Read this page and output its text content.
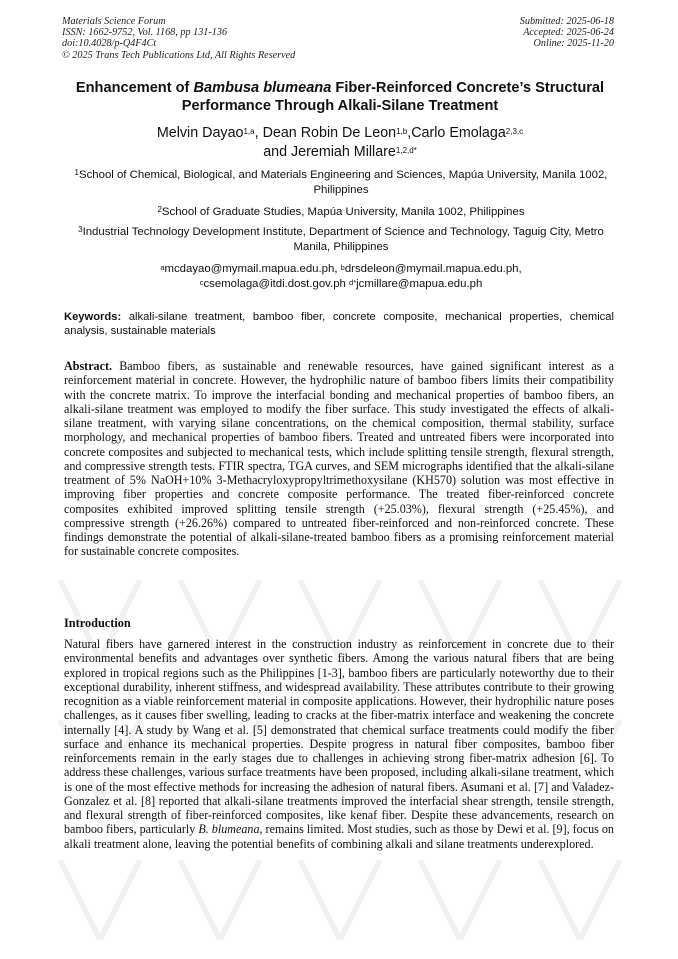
Materials Science Forum
ISSN: 1662-9752, Vol. 1168, pp 131-136
doi:10.4028/p-Q4F4Ct
© 2025 Trans Tech Publications Ltd, All Rights Reserved
Submitted: 2025-06-18
Accepted: 2025-06-24
Online: 2025-11-20
Enhancement of Bambusa blumeana Fiber-Reinforced Concrete’s Structural Performance Through Alkali-Silane Treatment
Melvin Dayao$^{1,a}$, Dean Robin De Leon$^{1,b}$,Carlo Emolaga$^{2,3,c}$
and Jeremiah Millare$^{1,2,d*}$
$^1$School of Chemical, Biological, and Materials Engineering and Sciences, Mapúa University, Manila 1002, Philippines
$^2$School of Graduate Studies, Mapúa University, Manila 1002, Philippines
$^3$Industrial Technology Development Institute, Department of Science and Technology, Taguig City, Metro Manila, Philippines
$^a$mcdayao@mymail.mapua.edu.ph, $^b$drsdeleon@mymail.mapua.edu.ph,
$^c$csemolaga@itdi.dost.gov.ph $^{d*}$jcmillare@mapua.edu.ph
Keywords: alkali-silane treatment, bamboo fiber, concrete composite, mechanical properties, chemical analysis, sustainable materials
Abstract. Bamboo fibers, as sustainable and renewable resources, have gained significant interest as a reinforcement material in concrete. However, the hydrophilic nature of bamboo fibers limits their compatibility with the concrete matrix. To improve the interfacial bonding and mechanical properties of bamboo fibers, an alkali-silane treatment was employed to modify the fiber surface. This study investigated the effects of alkali-silane treatment, with varying silane concentrations, on the chemical composition, thermal stability, surface morphology, and mechanical properties of bamboo fibers. Treated and untreated fibers were incorporated into concrete composites and subjected to mechanical tests, which include splitting tensile strength, flexural strength, and compressive strength tests. FTIR spectra, TGA curves, and SEM micrographs identified that the alkali-silane treatment of 5% NaOH+10% 3-Methacryloxypropyltrimethoxysilane (KH570) solution was most effective in improving fiber properties and concrete composite performance. The treated fiber-reinforced concrete composites exhibited improved splitting tensile strength (+25.03%), flexural strength (+25.45%), and compressive strength (+26.26%) compared to untreated fiber-reinforced and non-reinforced concrete. These findings demonstrate the potential of alkali-silane-treated bamboo fibers as a promising reinforcement material for sustainable concrete composites.
Introduction
Natural fibers have garnered interest in the construction industry as reinforcement in concrete due to their environmental benefits and advantages over synthetic fibers. Among the various natural fibers that are being explored in tropical regions such as the Philippines [1-3], bamboo fibers are particularly noteworthy due to their exceptional durability, inherent stiffness, and widespread availability. These attributes contribute to their growing recognition as a viable reinforcement material in composite applications. However, their hydrophilic nature poses challenges, as it causes fiber swelling, leading to cracks at the fiber-matrix interface and weakening the concrete internally [4]. A study by Wang et al. [5] demonstrated that chemical surface treatments could modify the fiber surface and enhance its mechanical properties. Despite progress in natural fiber composites, bamboo fiber reinforcements remain in the early stages due to challenges in achieving strong fiber-matrix adhesion [6]. To address these challenges, various surface treatments have been proposed, including alkali-silane treatment, which is one of the most effective methods for increasing the adhesion of natural fibers. Asumani et al. [7] and Valadez- Gonzalez et al. [8] reported that alkali-silane treatments improved the interfacial shear strength, tensile strength, and flexural strength of fiber-reinforced composites, like kenaf fiber. Despite these advancements, research on bamboo fibers, particularly B. blumeana, remains limited. Most studies, such as those by Dewi et al. [9], focus on alkali treatment alone, leaving the potential benefits of combining alkali and silane treatments underexplored.
